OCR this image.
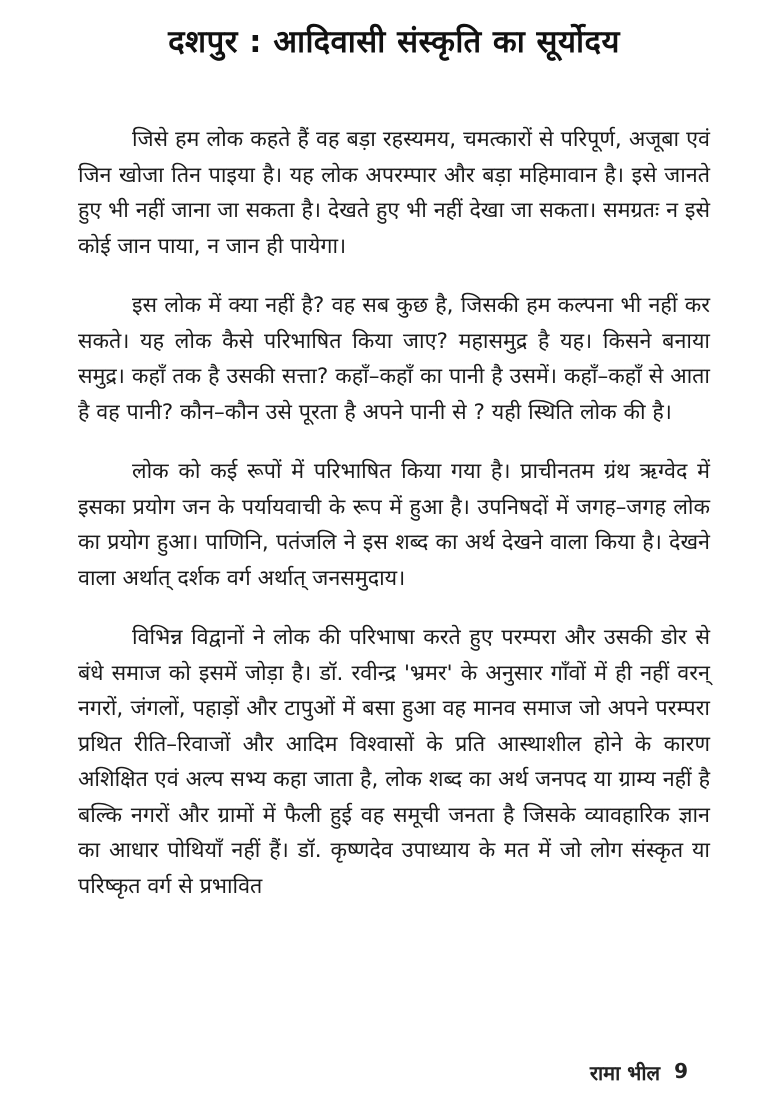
दशपुर : आदिवासी संस्कृति का सूर्योदय

जिसे हम लोक कहते हैं वह बड़ा रहस्यमय, चमत्कारों से परिपूर्ण, अजूबा एवं जिन खोजा तिन पाइया है। यह लोक अपरम्पार और बड़ा महिमावान है। इसे जानते हुए भी नहीं जाना जा सकता है। देखते हुए भी नहीं देखा जा सकता। समग्रतः न इसे कोई जान पाया, न जान ही पायेगा।

इस लोक में क्या नहीं है? वह सब कुछ है, जिसकी हम कल्पना भी नहीं कर सकते। यह लोक कैसे परिभाषित किया जाए? महासमुद्र है यह। किसने बनाया समुद्र। कहाँ तक है उसकी सत्ता? कहाँ–कहाँ का पानी है उसमें। कहाँ–कहाँ से आता है वह पानी? कौन–कौन उसे पूरता है अपने पानी से ? यही स्थिति लोक की है।

लोक को कई रूपों में परिभाषित किया गया है। प्राचीनतम ग्रंथ ऋग्वेद में इसका प्रयोग जन के पर्यायवाची के रूप में हुआ है। उपनिषदों में जगह–जगह लोक का प्रयोग हुआ। पाणिनि, पतंजलि ने इस शब्द का अर्थ देखने वाला किया है। देखने वाला अर्थात् दर्शक वर्ग अर्थात् जनसमुदाय।

विभिन्न विद्वानों ने लोक की परिभाषा करते हुए परम्परा और उसकी डोर से बंधे समाज को इसमें जोड़ा है। डॉ. रवीन्द्र 'भ्रमर' के अनुसार गाँवों में ही नहीं वरन् नगरों, जंगलों, पहाड़ों और टापुओं में बसा हुआ वह मानव समाज जो अपने परम्परा प्रथित रीति–रिवाजों और आदिम विश्वासों के प्रति आस्थाशील होने के कारण अशिक्षित एवं अल्प सभ्य कहा जाता है, लोक शब्द का अर्थ जनपद या ग्राम्य नहीं है बल्कि नगरों और ग्रामों में फैली हुई वह समूची जनता है जिसके व्यावहारिक ज्ञान का आधार पोथियाँ नहीं हैं। डॉ. कृष्णदेव उपाध्याय के मत में जो लोग संस्कृत या परिष्कृत वर्ग से प्रभावित

रामा भील 9
